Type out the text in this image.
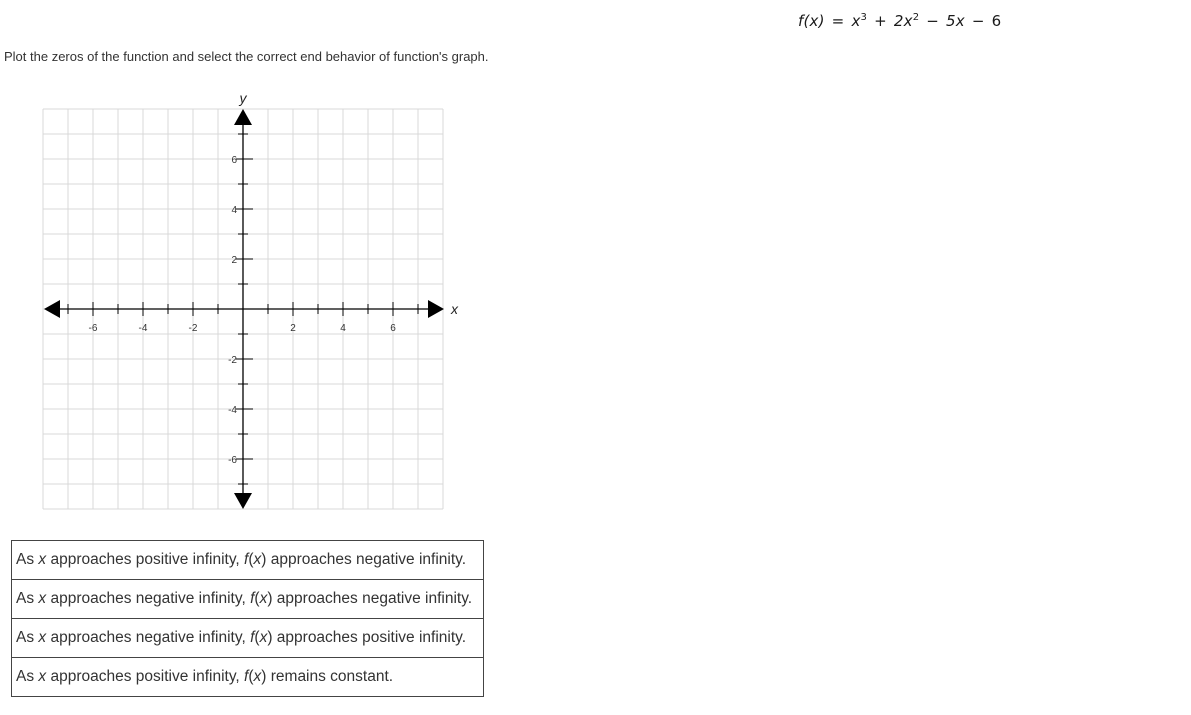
$f(x) = x^3 + 2x^2 - 5x - 6$
Plot the zeros of the function and select the correct end behavior of function's graph.
-6	-4	-2	2	4	6
6
4
2
-2
-4
-6
x
y
As x approaches positive infinity, f(x) approaches negative infinity.
As x approaches negative infinity, f(x) approaches negative infinity.
As x approaches negative infinity, f(x) approaches positive infinity.
As x approaches positive infinity, f(x) remains constant.
